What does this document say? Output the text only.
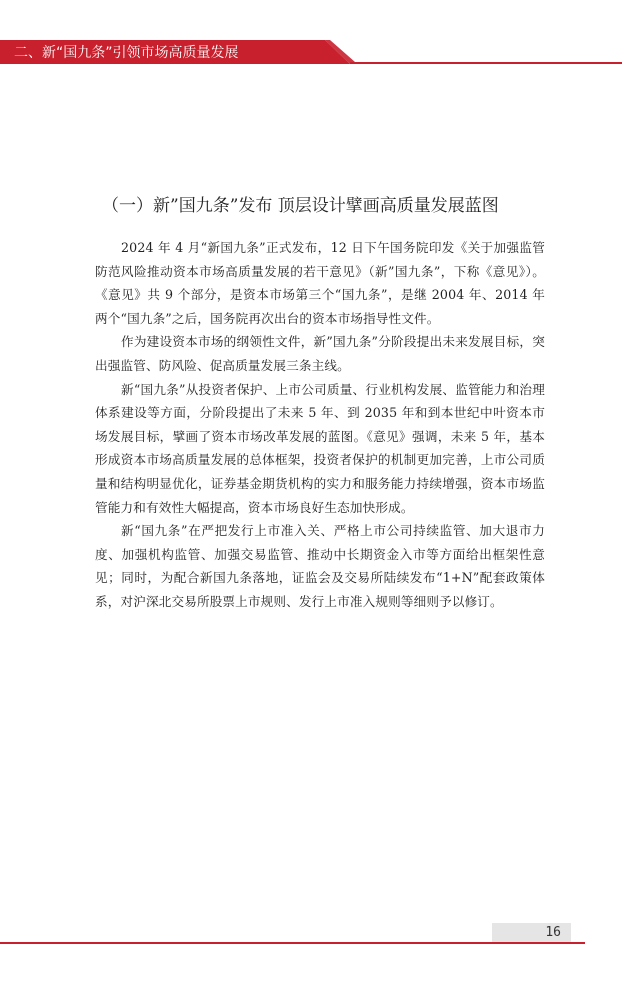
二、新“国九条”引领市场高质量发展
（一）新”国九条”发布 顶层设计擘画高质量发展蓝图

2024 年 4 月“新国九条”正式发布，12 日下午国务院印发《关于加强监管防范风险推动资本市场高质量发展的若干意见》（新”国九条”，下称《意见》）。《意见》共 9 个部分，是资本市场第三个“国九条”，是继 2004 年、2014 年两个“国九条”之后，国务院再次出台的资本市场指导性文件。

作为建设资本市场的纲领性文件，新”国九条”分阶段提出未来发展目标，突出强监管、防风险、促高质量发展三条主线。

新“国九条”从投资者保护、上市公司质量、行业机构发展、监管能力和治理体系建设等方面，分阶段提出了未来 5 年、到 2035 年和到本世纪中叶资本市场发展目标，擘画了资本市场改革发展的蓝图。《意见》强调，未来 5 年，基本形成资本市场高质量发展的总体框架，投资者保护的机制更加完善，上市公司质量和结构明显优化，证券基金期货机构的实力和服务能力持续增强，资本市场监管能力和有效性大幅提高，资本市场良好生态加快形成。

新“国九条”在严把发行上市准入关、严格上市公司持续监管、加大退市力度、加强机构监管、加强交易监管、推动中长期资金入市等方面给出框架性意见；同时，为配合新国九条落地，证监会及交易所陆续发布“1+N”配套政策体系，对沪深北交易所股票上市规则、发行上市准入规则等细则予以修订。

16
